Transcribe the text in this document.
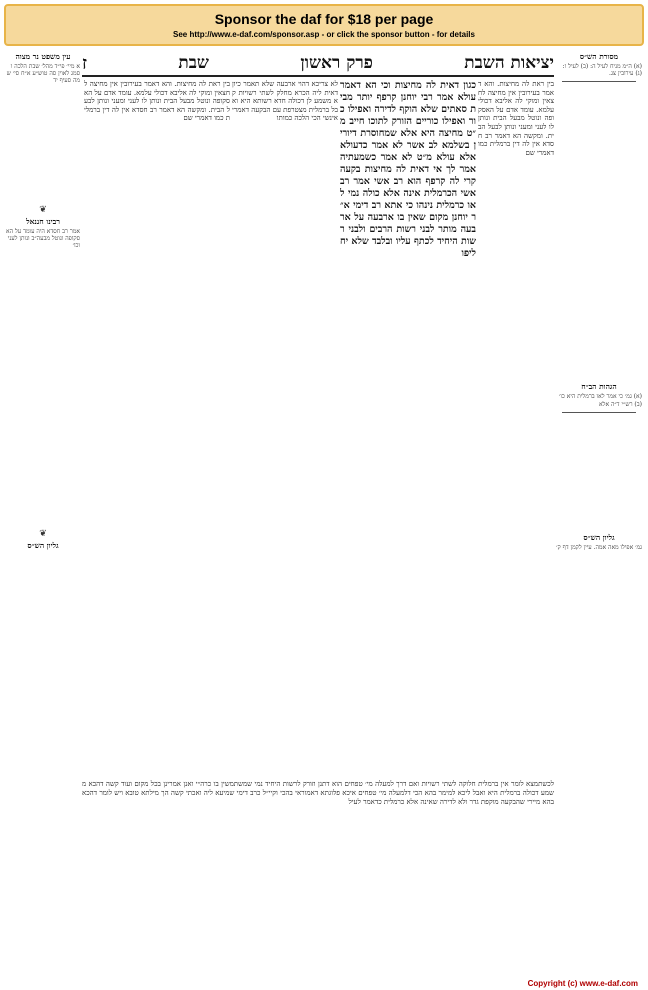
Sponsor the daf for $18 per page
See http://www.e-daf.com/sponsor.asp - or click the sponsor button - for details
יציאות השבת
פרק ראשון
שבת
ז	מסורת הש״ס
(א) ה״מ מניח לעיל ה: (ב) לעיל ו: (ג) עירובין צג.
הגהות הב״ח
(א) גמ׳ כי אמר לאו ברמלית היא כו׳ (ב) רש״י ד״ה אלא
גליון הש״ס
גמ׳ אפילו מאה אמה. עיין לקמן דף ק׳
עין משפט נר מצוה
א מיי׳ פי״ד מהל׳ שבת הלכה ו סמג לאוין סה טוש״ע א״ח סי׳ שמה סעיף יד
❦
רבינו חננאל
אמר רב חסדא היה עומד על האסקופה ונוטל מבעה״ב ונותן לעני וכו׳
❦
גליון הש״ס
בין ראת לה מחיצות. והא דאמר בעירובין אין מחיצה לחצאין ומוקי לה אליבא דכולי עלמא. עומד אדם על האסקופה ונוטל מבעל הבית ונותן לו לעני ומעני ונותן לבעל הבית. ומקשה הא דאמר רב חסדא אין לה דין ברמלית כמו דאמרי שם
כגון דאית לה מחיצות וכי הא דאמר עולא אמר רבי יוחנן קרפף יותר מבית סאתים שלא הוקף לדירה ואפילו כור ואפילו כוריים הזורק לתוכו חייב מ״ט מחיצה היא אלא שמחוסרת דיורין בשלמא לב אשר לא אמר כדעולא אלא עולא מ״ט לא אמר כשמעתיה אמר לך אי דאית לה מחיצות בקעה קרי לה קרפף הוא רב אשי אמר רב אשי הכרמלית אינה אלא כולה נמי לאו כרמלית נינהו כי אתא רב דימי א״ר יוחנן מקום שאין בו ארבעה על ארבעה מותר לבני רשות הרבים ולבני רשות היחיד לכתף עליו ובלבד שלא יחליפו
לא צריכא דהוי ארבעה שלא תאמר כיון דאית ליה הכרא מחלק לשתי רשויות קא משמע לן דכולה חדא רשותא היא ואבל ברמלית מצטרפת עם הבקעה דאמרי אינשי הכי הלכה כמותו
בין ראת לה מחיצות. והא דאמר בעירובין אין מחיצה לחצאין ומוקי לה אליבא דכולי עלמא. עומד אדם על האסקופה ונוטל מבעל הבית ונותן לו לעני ומעני ונותן לבעל הבית. ומקשה הא דאמר רב חסדא אין לה דין ברמלית כמו דאמרי שם
לכשתמצא לומר אין ברמלית חלוקה לשתי רשויות ואם דרך למעלה מי׳ טפחים הוא דתנן וזורק לרשות היחיד נמי שמשתמשין בו כרה״י ואנן אמרינן בכל מקום ועוד קשה דהכא משמע דכולה ברמלית היא ואבל ליכא למימר בהא הכי דלמעלה מי׳ טפחים איכא פלוגתא דאמוראי בהכי וקיי״ל כרב דימי שמיעא ליה ואכתי קשה הך מילתא טובא ויש לומר דהכא בהא מיירי שהבקעה מוקפת גדר ולא לדירה שאינה אלא כרמלית כדאמר לעיל
Copyright (c) www.e-daf.com
